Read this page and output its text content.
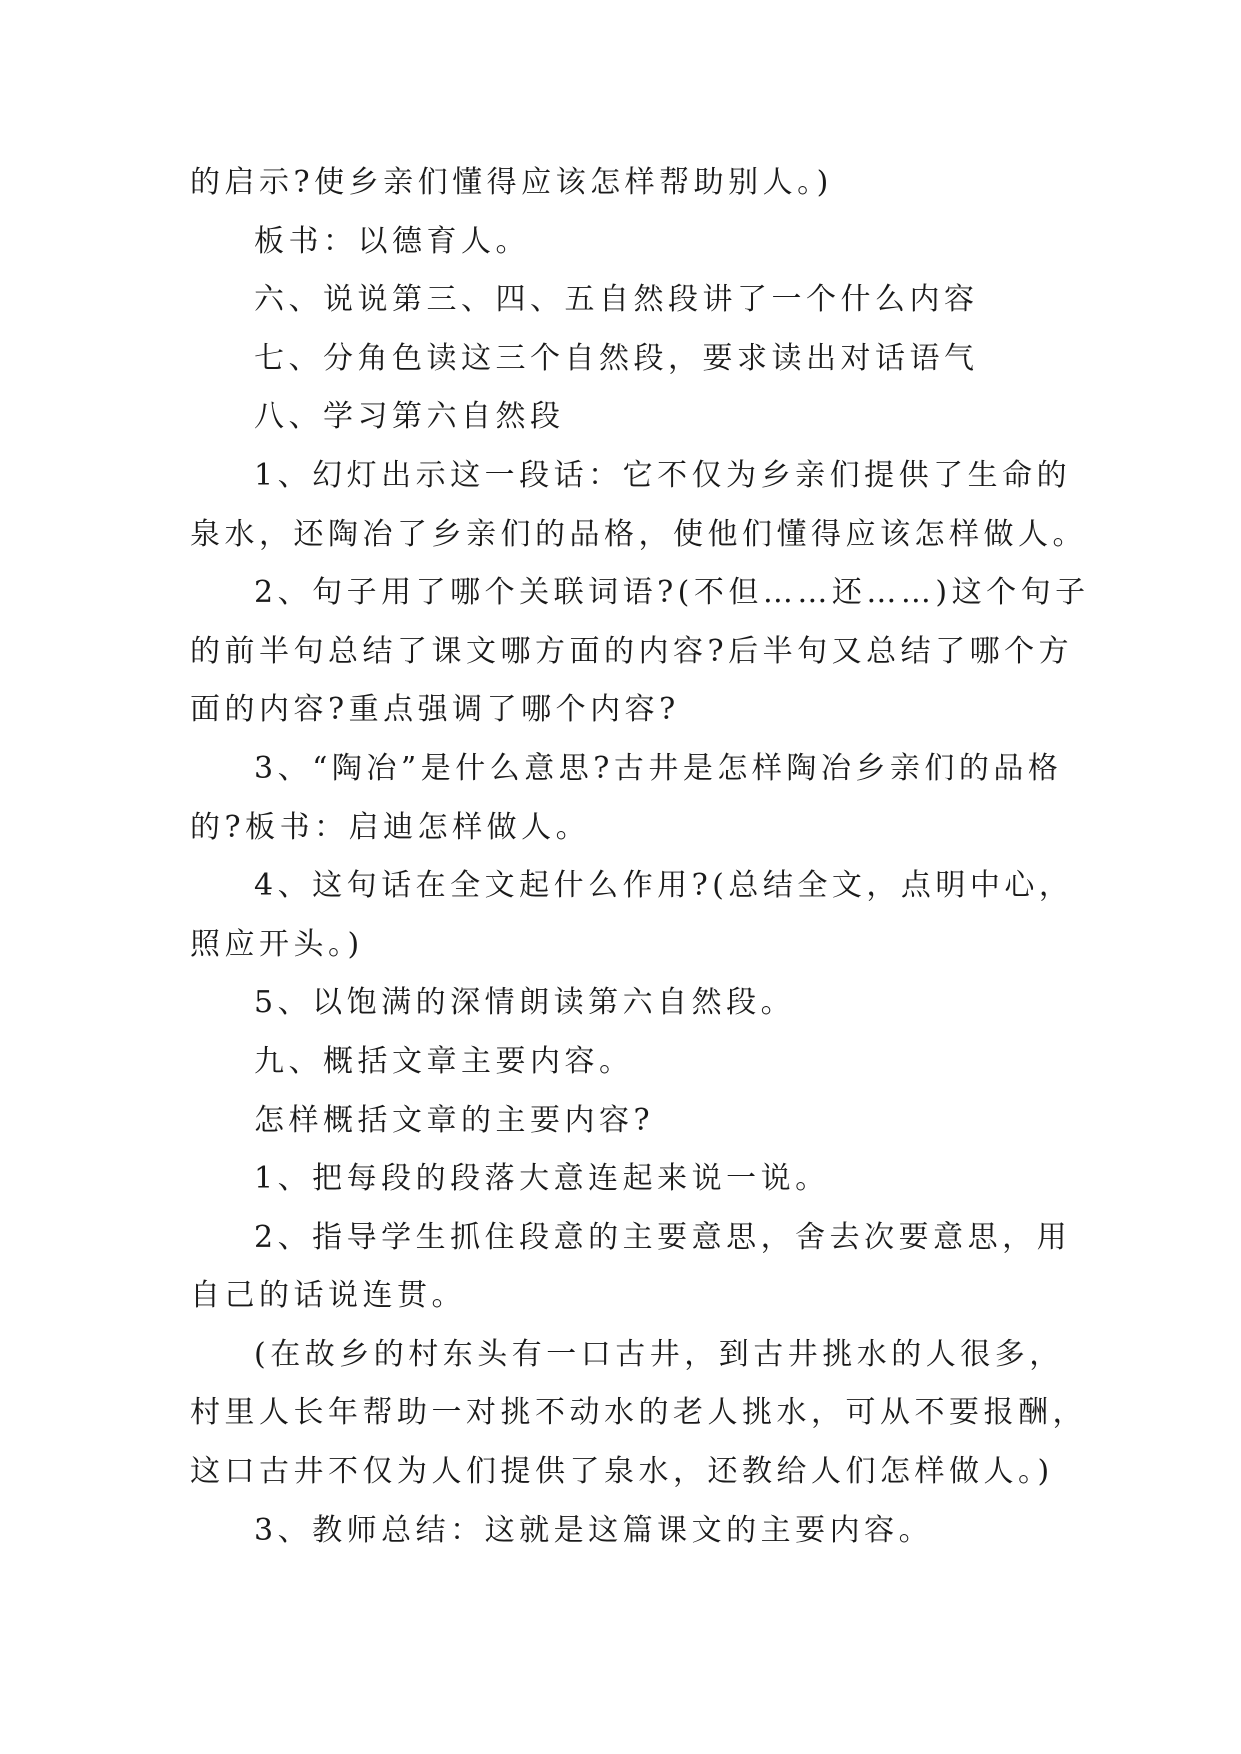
的启示?使乡亲们懂得应该怎样帮助别人。)
板书：以德育人。
六、说说第三、四、五自然段讲了一个什么内容
七、分角色读这三个自然段，要求读出对话语气
八、学习第六自然段
1、幻灯出示这一段话：它不仅为乡亲们提供了生命的
泉水，还陶冶了乡亲们的品格，使他们懂得应该怎样做人。
2、句子用了哪个关联词语?(不但……还……)这个句子
的前半句总结了课文哪方面的内容?后半句又总结了哪个方
面的内容?重点强调了哪个内容?
3、“陶冶”是什么意思?古井是怎样陶冶乡亲们的品格
的?板书：启迪怎样做人。
4、这句话在全文起什么作用?(总结全文，点明中心，
照应开头。)
5、以饱满的深情朗读第六自然段。
九、概括文章主要内容。
怎样概括文章的主要内容?
1、把每段的段落大意连起来说一说。
2、指导学生抓住段意的主要意思，舍去次要意思，用
自己的话说连贯。
(在故乡的村东头有一口古井，到古井挑水的人很多，
村里人长年帮助一对挑不动水的老人挑水，可从不要报酬，
这口古井不仅为人们提供了泉水，还教给人们怎样做人。)
3、教师总结：这就是这篇课文的主要内容。
